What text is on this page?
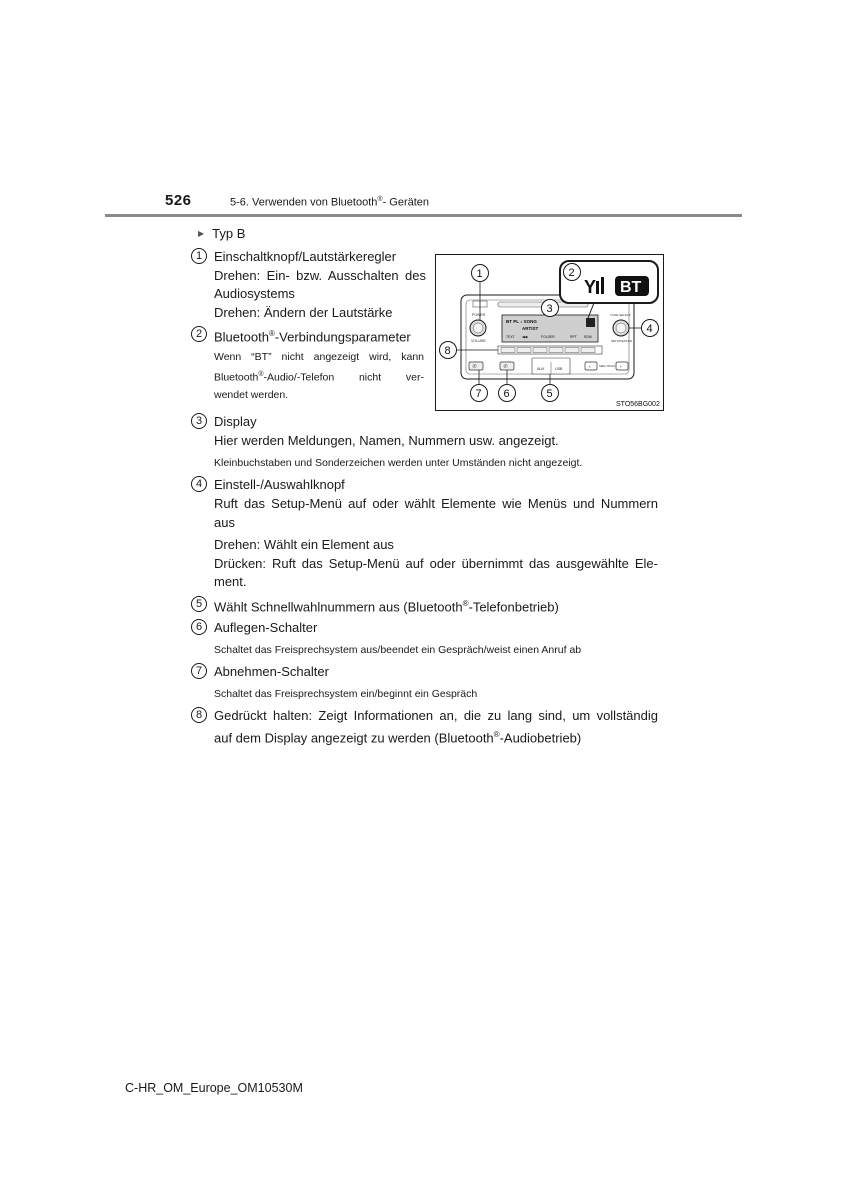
526	5-6. Verwenden von Bluetooth®- Geräten
▶ Typ B
1 Einschaltknopf/Lautstärkeregler
Drehen: Ein- bzw. Ausschalten des
Audiosystems
Drehen: Ändern der Lautstärke
2 Bluetooth®-Verbindungsparameter
Wenn “BT” nicht angezeigt wird, kann
Bluetooth®-Audio/-Telefon nicht ver-
wendet werden.
POWER
VOLUME
BT PL ♪ SONG
ARTIST
TEXT ◀◀	FOLDER	RPT RDM
TUNE·SELECT
SETUP/ENTER
✆	✆	AUX	USB	‹	SEEK TRACK ›
Y BT
1	2
3
4
5
6
7
8
STO56BG002
3 Display
Hier werden Meldungen, Namen, Nummern usw. angezeigt.
Kleinbuchstaben und Sonderzeichen werden unter Umständen nicht angezeigt.
4 Einstell-/Auswahlknopf
Ruft das Setup-Menü auf oder wählt Elemente wie Menüs und Nummern
aus
Drehen: Wählt ein Element aus
Drücken: Ruft das Setup-Menü auf oder übernimmt das ausgewählte Ele-
ment.
5 Wählt Schnellwahlnummern aus (Bluetooth®-Telefonbetrieb)
6 Auflegen-Schalter
Schaltet das Freisprechsystem aus/beendet ein Gespräch/weist einen Anruf ab
7 Abnehmen-Schalter
Schaltet das Freisprechsystem ein/beginnt ein Gespräch
8 Gedrückt halten: Zeigt Informationen an, die zu lang sind, um vollständig
auf dem Display angezeigt zu werden (Bluetooth®-Audiobetrieb)
C-HR_OM_Europe_OM10530M
